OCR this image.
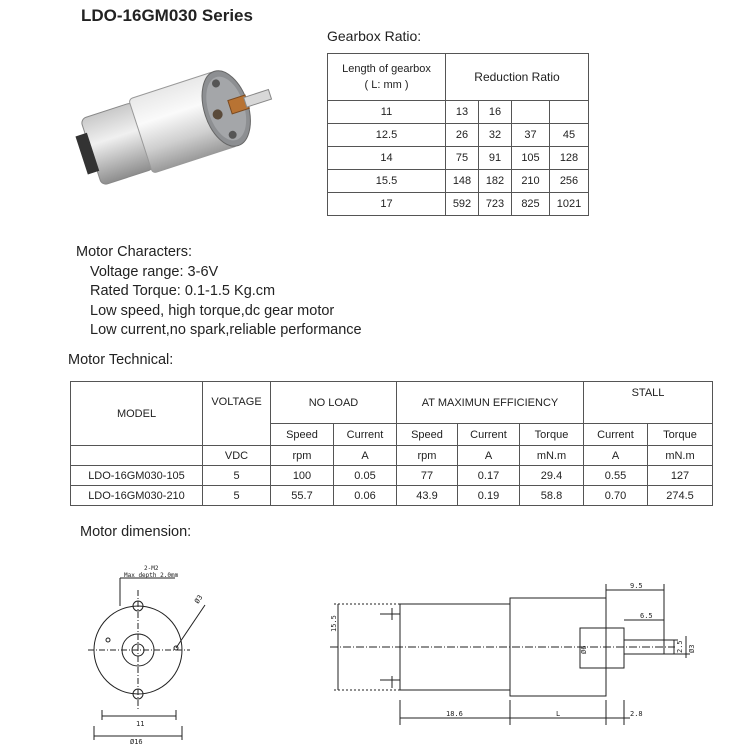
LDO-16GM030 Series
Gearbox Ratio:
Length of gearbox
( L: mm )	Reduction Ratio			
11	13	16		
12.5	26	32	37	45
14	75	91	105	128
15.5	148	182	210	256
17	592	723	825	1021
Motor Characters:
Voltage range: 3-6V
Rated Torque: 0.1-1.5 Kg.cm
Low speed, high torque,dc gear motor
Low current,no spark,reliable performance
Motor Technical:
MODEL	VOLTAGE	NO LOAD		AT MAXIMUN EFFICIENCY			STALL	
		Speed	Current	Speed	Current	Torque	Current	Torque
	VDC	rpm	A	rpm	A	mN.m	A	mN.m
LDO-16GM030-105	5	100	0.05	77	0.17	29.4	0.55	127
LDO-16GM030-210	5	55.7	0.06	43.9	0.19	58.8	0.70	274.5
Motor dimension:
2-M2
Max depth 2.0mm
Ø3
11
Ø16
15.5
Ø6	2.5 Ø3
9.5
6.5
18.6	L	2.8
